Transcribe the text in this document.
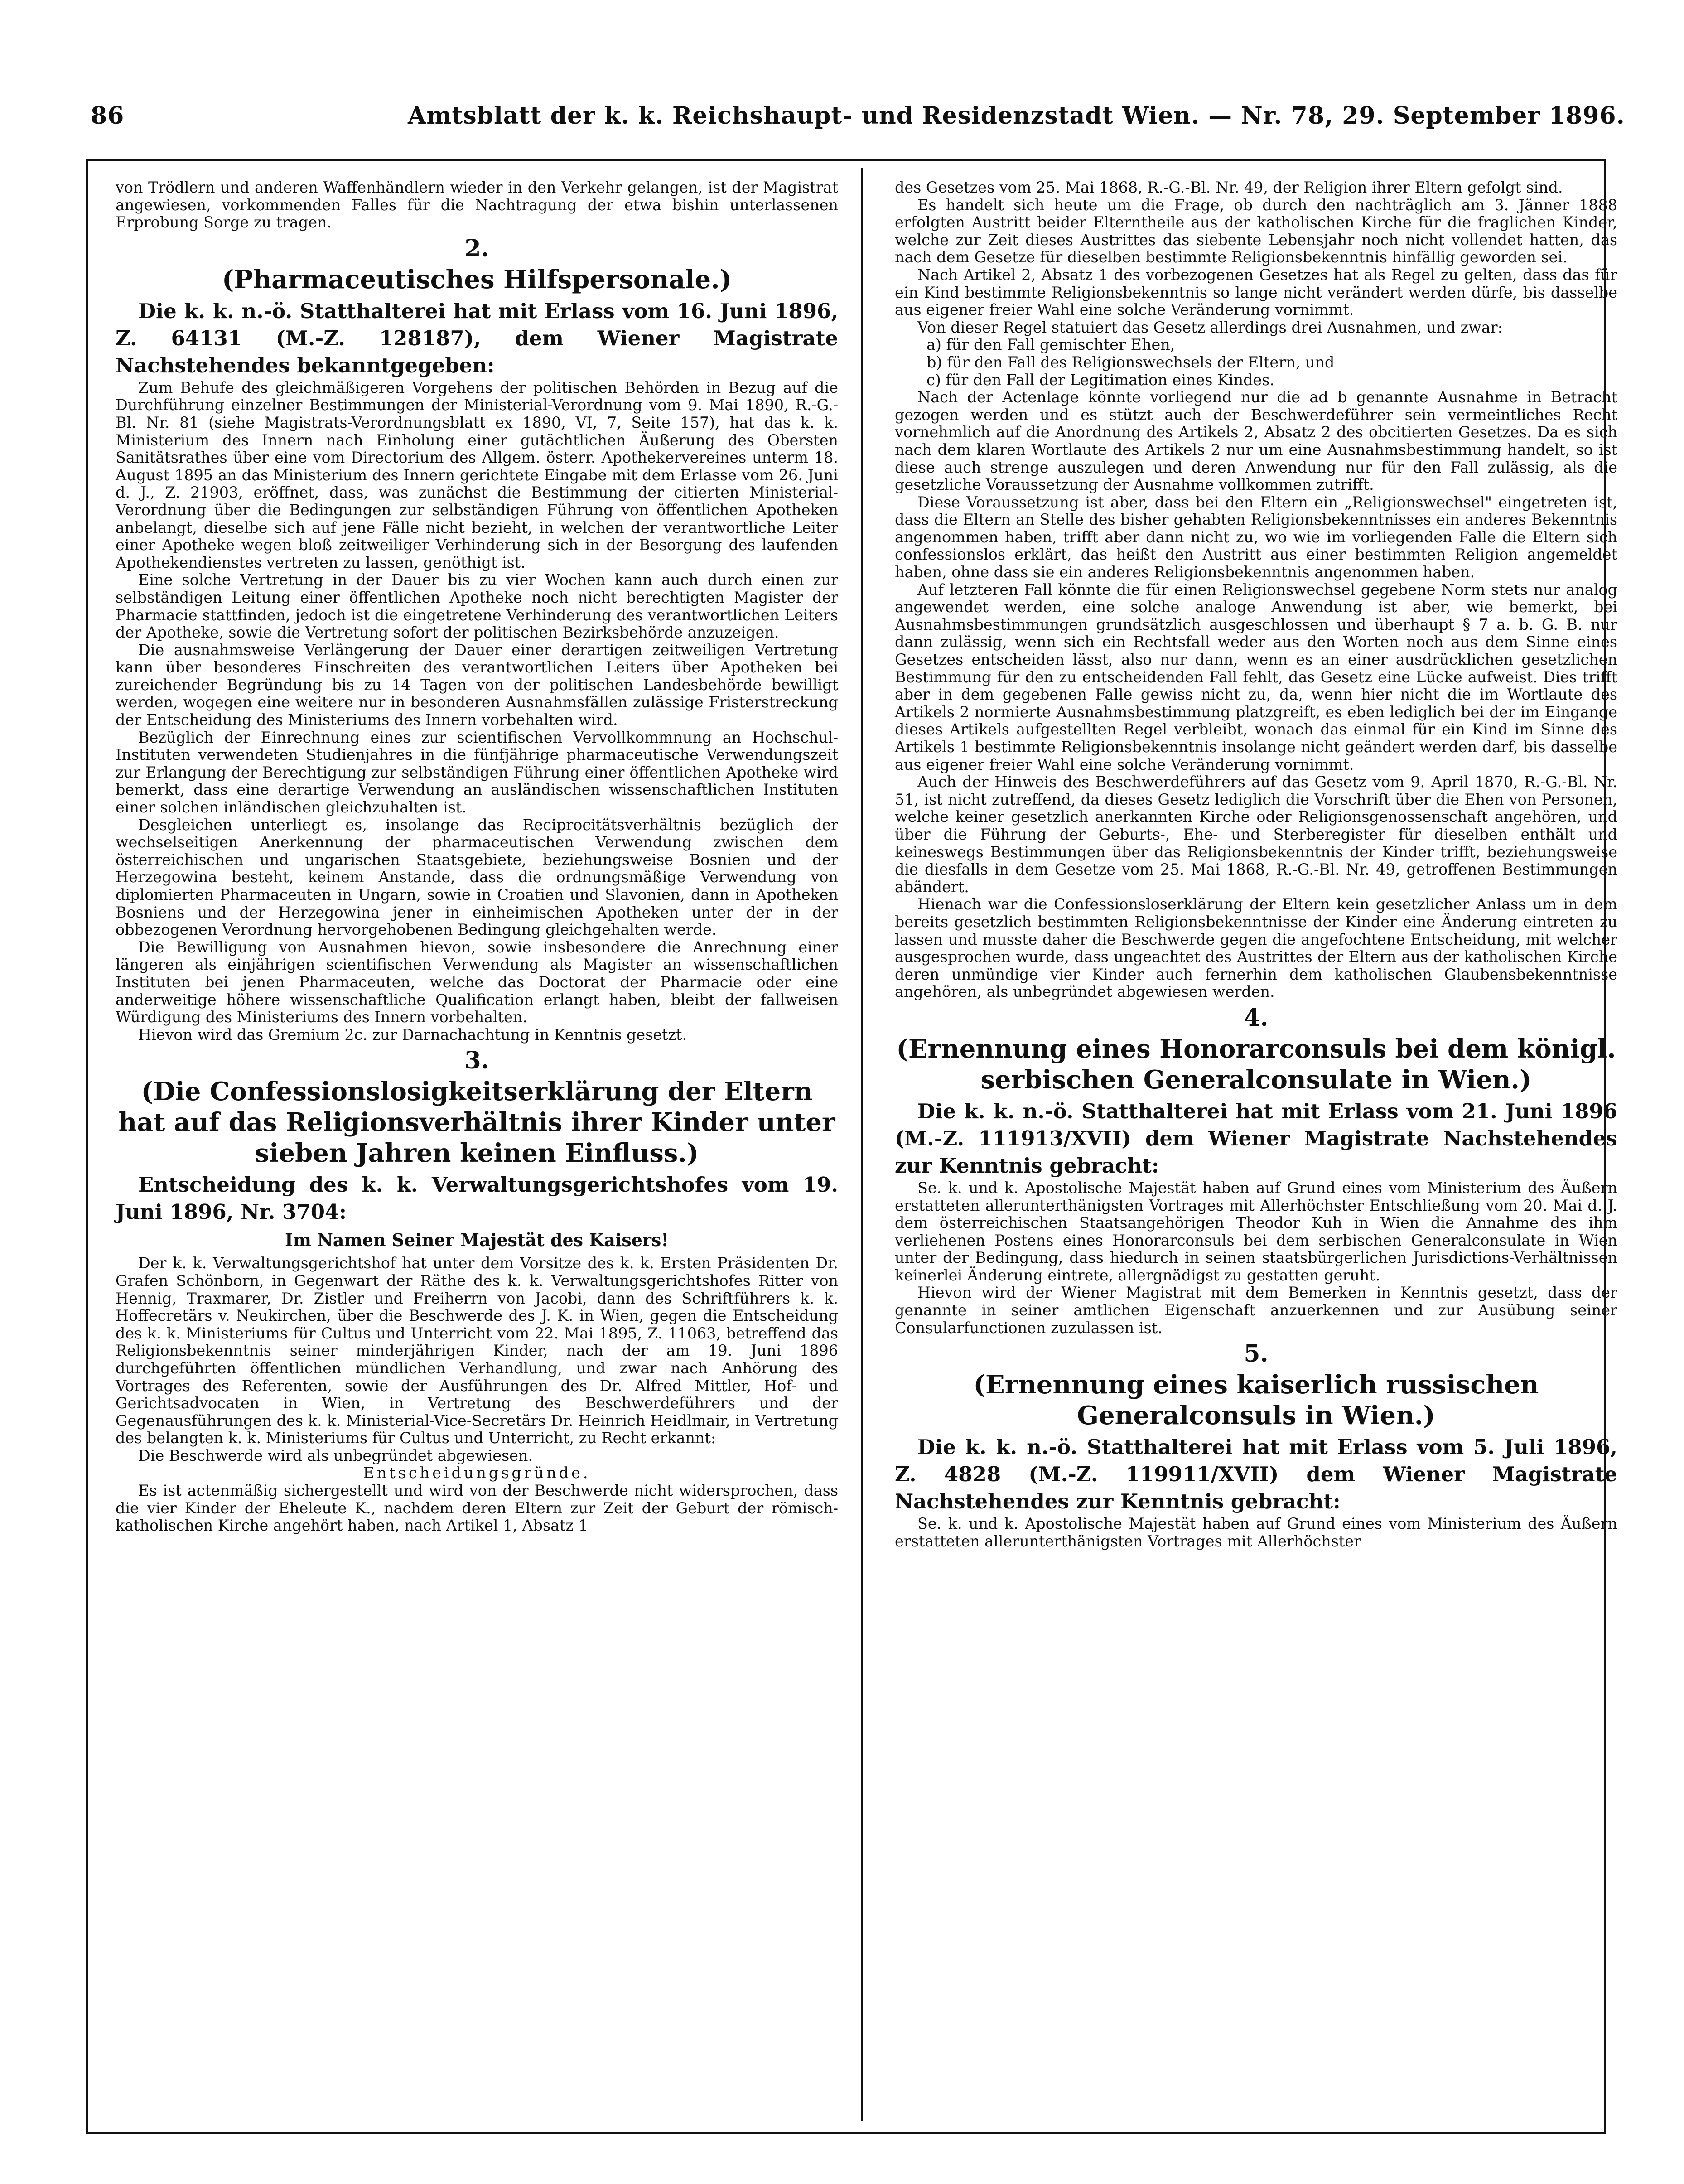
86	Amtsblatt der k. k. Reichshaupt- und Residenzstadt Wien. — Nr. 78, 29. September 1896.

von Trödlern und anderen Waffenhändlern wieder in den Verkehr gelangen, ist der Magistrat angewiesen, vorkommenden Falles für die Nachtragung der etwa bishin unterlassenen Erprobung Sorge zu tragen.

2.
(Pharmaceutisches Hilfspersonale.)

Die k. k. n.-ö. Statthalterei hat mit Erlass vom 16. Juni 1896, Z. 64131 (M.-Z. 128187), dem Wiener Magistrate Nachstehendes bekanntgegeben:

Zum Behufe des gleichmäßigeren Vorgehens der politischen Behörden in Bezug auf die Durchführung einzelner Bestimmungen der Ministerial-Verordnung vom 9. Mai 1890, R.-G.-Bl. Nr. 81 (siehe Magistrats-Verordnungsblatt ex 1890, VI, 7, Seite 157), hat das k. k. Ministerium des Innern nach Einholung einer gutächtlichen Äußerung des Obersten Sanitätsrathes über eine vom Directorium des Allgem. österr. Apothekervereines unterm 18. August 1895 an das Ministerium des Innern gerichtete Eingabe mit dem Erlasse vom 26. Juni d. J., Z. 21903, eröffnet, dass, was zunächst die Bestimmung der citierten Ministerial-Verordnung über die Bedingungen zur selbständigen Führung von öffentlichen Apotheken anbelangt, dieselbe sich auf jene Fälle nicht bezieht, in welchen der verantwortliche Leiter einer Apotheke wegen bloß zeitweiliger Verhinderung sich in der Besorgung des laufenden Apothekendienstes vertreten zu lassen, genöthigt ist.

Eine solche Vertretung in der Dauer bis zu vier Wochen kann auch durch einen zur selbständigen Leitung einer öffentlichen Apotheke noch nicht berechtigten Magister der Pharmacie stattfinden, jedoch ist die eingetretene Verhinderung des verantwortlichen Leiters der Apotheke, sowie die Vertretung sofort der politischen Bezirksbehörde anzuzeigen.

Die ausnahmsweise Verlängerung der Dauer einer derartigen zeitweiligen Vertretung kann über besonderes Einschreiten des verantwortlichen Leiters über Apotheken bei zureichender Begründung bis zu 14 Tagen von der politischen Landesbehörde bewilligt werden, wogegen eine weitere nur in besonderen Ausnahmsfällen zulässige Fristerstreckung der Entscheidung des Ministeriums des Innern vorbehalten wird.

Bezüglich der Einrechnung eines zur scientifischen Vervollkommnung an Hochschul-Instituten verwendeten Studienjahres in die fünfjährige pharmaceutische Verwendungszeit zur Erlangung der Berechtigung zur selbständigen Führung einer öffentlichen Apotheke wird bemerkt, dass eine derartige Verwendung an ausländischen wissenschaftlichen Instituten einer solchen inländischen gleichzuhalten ist.

Desgleichen unterliegt es, insolange das Reciprocitätsverhältnis bezüglich der wechselseitigen Anerkennung der pharmaceutischen Verwendung zwischen dem österreichischen und ungarischen Staatsgebiete, beziehungsweise Bosnien und der Herzegowina besteht, keinem Anstande, dass die ordnungsmäßige Verwendung von diplomierten Pharmaceuten in Ungarn, sowie in Croatien und Slavonien, dann in Apotheken Bosniens und der Herzegowina jener in einheimischen Apotheken unter der in der obbezogenen Verordnung hervorgehobenen Bedingung gleichgehalten werde.

Die Bewilligung von Ausnahmen hievon, sowie insbesondere die Anrechnung einer längeren als einjährigen scientifischen Verwendung als Magister an wissenschaftlichen Instituten bei jenen Pharmaceuten, welche das Doctorat der Pharmacie oder eine anderweitige höhere wissenschaftliche Qualification erlangt haben, bleibt der fallweisen Würdigung des Ministeriums des Innern vorbehalten.

Hievon wird das Gremium 2c. zur Darnachachtung in Kenntnis gesetzt.

3.
(Die Confessionslosigkeitserklärung der Eltern hat auf das Religionsverhältnis ihrer Kinder unter sieben Jahren keinen Einfluss.)

Entscheidung des k. k. Verwaltungsgerichtshofes vom 19. Juni 1896, Nr. 3704:

Im Namen Seiner Majestät des Kaisers!

Der k. k. Verwaltungsgerichtshof hat unter dem Vorsitze des k. k. Ersten Präsidenten Dr. Grafen Schönborn, in Gegenwart der Räthe des k. k. Verwaltungsgerichtshofes Ritter von Hennig, Traxmarer, Dr. Zistler und Freiherrn von Jacobi, dann des Schriftführers k. k. Hoffecretärs v. Neukirchen, über die Beschwerde des J. K. in Wien, gegen die Entscheidung des k. k. Ministeriums für Cultus und Unterricht vom 22. Mai 1895, Z. 11063, betreffend das Religionsbekenntnis seiner minderjährigen Kinder, nach der am 19. Juni 1896 durchgeführten öffentlichen mündlichen Verhandlung, und zwar nach Anhörung des Vortrages des Referenten, sowie der Ausführungen des Dr. Alfred Mittler, Hof- und Gerichtsadvocaten in Wien, in Vertretung des Beschwerdeführers und der Gegenausführungen des k. k. Ministerial-Vice-Secretärs Dr. Heinrich Heidlmair, in Vertretung des belangten k. k. Ministeriums für Cultus und Unterricht, zu Recht erkannt:

Die Beschwerde wird als unbegründet abgewiesen.

Entscheidungsgründe.

Es ist actenmäßig sichergestellt und wird von der Beschwerde nicht widersprochen, dass die vier Kinder der Eheleute K., nachdem deren Eltern zur Zeit der Geburt der römisch-katholischen Kirche angehört haben, nach Artikel 1, Absatz 1

des Gesetzes vom 25. Mai 1868, R.-G.-Bl. Nr. 49, der Religion ihrer Eltern gefolgt sind.

Es handelt sich heute um die Frage, ob durch den nachträglich am 3. Jänner 1888 erfolgten Austritt beider Elterntheile aus der katholischen Kirche für die fraglichen Kinder, welche zur Zeit dieses Austrittes das siebente Lebensjahr noch nicht vollendet hatten, das nach dem Gesetze für dieselben bestimmte Religionsbekenntnis hinfällig geworden sei.

Nach Artikel 2, Absatz 1 des vorbezogenen Gesetzes hat als Regel zu gelten, dass das für ein Kind bestimmte Religionsbekenntnis so lange nicht verändert werden dürfe, bis dasselbe aus eigener freier Wahl eine solche Veränderung vornimmt.

Von dieser Regel statuiert das Gesetz allerdings drei Ausnahmen, und zwar:

a) für den Fall gemischter Ehen,

b) für den Fall des Religionswechsels der Eltern, und

c) für den Fall der Legitimation eines Kindes.

Nach der Actenlage könnte vorliegend nur die ad b genannte Ausnahme in Betracht gezogen werden und es stützt auch der Beschwerdeführer sein vermeintliches Recht vornehmlich auf die Anordnung des Artikels 2, Absatz 2 des obcitierten Gesetzes. Da es sich nach dem klaren Wortlaute des Artikels 2 nur um eine Ausnahmsbestimmung handelt, so ist diese auch strenge auszulegen und deren Anwendung nur für den Fall zulässig, als die gesetzliche Voraussetzung der Ausnahme vollkommen zutrifft.

Diese Voraussetzung ist aber, dass bei den Eltern ein „Religionswechsel" eingetreten ist, dass die Eltern an Stelle des bisher gehabten Religionsbekenntnisses ein anderes Bekenntnis angenommen haben, trifft aber dann nicht zu, wo wie im vorliegenden Falle die Eltern sich confessionslos erklärt, das heißt den Austritt aus einer bestimmten Religion angemeldet haben, ohne dass sie ein anderes Religionsbekenntnis angenommen haben.

Auf letzteren Fall könnte die für einen Religionswechsel gegebene Norm stets nur analog angewendet werden, eine solche analoge Anwendung ist aber, wie bemerkt, bei Ausnahmsbestimmungen grundsätzlich ausgeschlossen und überhaupt § 7 a. b. G. B. nur dann zulässig, wenn sich ein Rechtsfall weder aus den Worten noch aus dem Sinne eines Gesetzes entscheiden lässt, also nur dann, wenn es an einer ausdrücklichen gesetzlichen Bestimmung für den zu entscheidenden Fall fehlt, das Gesetz eine Lücke aufweist. Dies trifft aber in dem gegebenen Falle gewiss nicht zu, da, wenn hier nicht die im Wortlaute des Artikels 2 normierte Ausnahmsbestimmung platzgreift, es eben lediglich bei der im Eingange dieses Artikels aufgestellten Regel verbleibt, wonach das einmal für ein Kind im Sinne des Artikels 1 bestimmte Religionsbekenntnis insolange nicht geändert werden darf, bis dasselbe aus eigener freier Wahl eine solche Veränderung vornimmt.

Auch der Hinweis des Beschwerdeführers auf das Gesetz vom 9. April 1870, R.-G.-Bl. Nr. 51, ist nicht zutreffend, da dieses Gesetz lediglich die Vorschrift über die Ehen von Personen, welche keiner gesetzlich anerkannten Kirche oder Religionsgenossenschaft angehören, und über die Führung der Geburts-, Ehe- und Sterberegister für dieselben enthält und keineswegs Bestimmungen über das Religionsbekenntnis der Kinder trifft, beziehungsweise die diesfalls in dem Gesetze vom 25. Mai 1868, R.-G.-Bl. Nr. 49, getroffenen Bestimmungen abändert.

Hienach war die Confessionsloserklärung der Eltern kein gesetzlicher Anlass um in dem bereits gesetzlich bestimmten Religionsbekenntnisse der Kinder eine Änderung eintreten zu lassen und musste daher die Beschwerde gegen die angefochtene Entscheidung, mit welcher ausgesprochen wurde, dass ungeachtet des Austrittes der Eltern aus der katholischen Kirche deren unmündige vier Kinder auch fernerhin dem katholischen Glaubensbekenntnisse angehören, als unbegründet abgewiesen werden.

4.
(Ernennung eines Honorarconsuls bei dem königl. serbischen Generalconsulate in Wien.)

Die k. k. n.-ö. Statthalterei hat mit Erlass vom 21. Juni 1896 (M.-Z. 111913/XVII) dem Wiener Magistrate Nachstehendes zur Kenntnis gebracht:

Se. k. und k. Apostolische Majestät haben auf Grund eines vom Ministerium des Äußern erstatteten allerunterthänigsten Vortrages mit Allerhöchster Entschließung vom 20. Mai d. J. dem österreichischen Staatsangehörigen Theodor Kuh in Wien die Annahme des ihm verliehenen Postens eines Honorarconsuls bei dem serbischen Generalconsulate in Wien unter der Bedingung, dass hiedurch in seinen staatsbürgerlichen Jurisdictions-Verhältnissen keinerlei Änderung eintrete, allergnädigst zu gestatten geruht.

Hievon wird der Wiener Magistrat mit dem Bemerken in Kenntnis gesetzt, dass der genannte in seiner amtlichen Eigenschaft anzuerkennen und zur Ausübung seiner Consularfunctionen zuzulassen ist.

5.
(Ernennung eines kaiserlich russischen Generalconsuls in Wien.)

Die k. k. n.-ö. Statthalterei hat mit Erlass vom 5. Juli 1896, Z. 4828 (M.-Z. 119911/XVII) dem Wiener Magistrate Nachstehendes zur Kenntnis gebracht:

Se. k. und k. Apostolische Majestät haben auf Grund eines vom Ministerium des Äußern erstatteten allerunterthänigsten Vortrages mit Allerhöchster
